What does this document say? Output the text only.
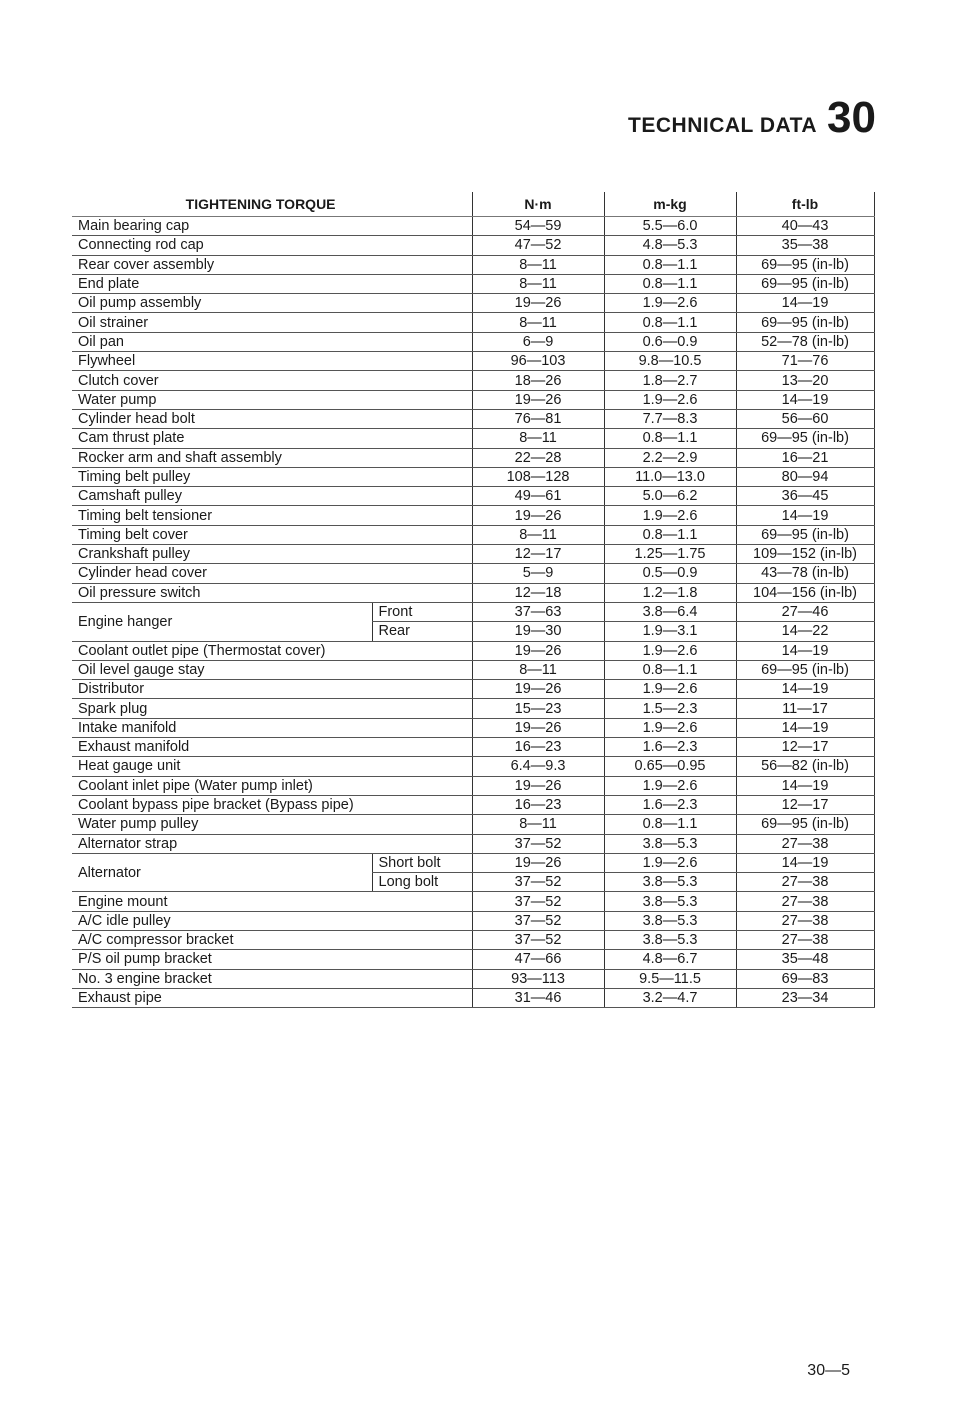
TECHNICAL DATA 30
TIGHTENING TORQUE		N·m	m-kg	ft-lb
Main bearing cap		54—59	5.5—6.0	40—43
Connecting rod cap		47—52	4.8—5.3	35—38
Rear cover assembly		8—11	0.8—1.1	69—95 (in-lb)
End plate		8—11	0.8—1.1	69—95 (in-lb)
Oil pump assembly		19—26	1.9—2.6	14—19
Oil strainer		8—11	0.8—1.1	69—95 (in-lb)
Oil pan		6—9	0.6—0.9	52—78 (in-lb)
Flywheel		96—103	9.8—10.5	71—76
Clutch cover		18—26	1.8—2.7	13—20
Water pump		19—26	1.9—2.6	14—19
Cylinder head bolt		76—81	7.7—8.3	56—60
Cam thrust plate		8—11	0.8—1.1	69—95 (in-lb)
Rocker arm and shaft assembly		22—28	2.2—2.9	16—21
Timing belt pulley		108—128	11.0—13.0	80—94
Camshaft pulley		49—61	5.0—6.2	36—45
Timing belt tensioner		19—26	1.9—2.6	14—19
Timing belt cover		8—11	0.8—1.1	69—95 (in-lb)
Crankshaft pulley		12—17	1.25—1.75	109—152 (in-lb)
Cylinder head cover		5—9	0.5—0.9	43—78 (in-lb)
Oil pressure switch		12—18	1.2—1.8	104—156 (in-lb)
Engine hanger	Front	37—63	3.8—6.4	27—46
	Rear	19—30	1.9—3.1	14—22
Coolant outlet pipe (Thermostat cover)		19—26	1.9—2.6	14—19
Oil level gauge stay		8—11	0.8—1.1	69—95 (in-lb)
Distributor		19—26	1.9—2.6	14—19
Spark plug		15—23	1.5—2.3	11—17
Intake manifold		19—26	1.9—2.6	14—19
Exhaust manifold		16—23	1.6—2.3	12—17
Heat gauge unit		6.4—9.3	0.65—0.95	56—82 (in-lb)
Coolant inlet pipe (Water pump inlet)		19—26	1.9—2.6	14—19
Coolant bypass pipe bracket (Bypass pipe)		16—23	1.6—2.3	12—17
Water pump pulley		8—11	0.8—1.1	69—95 (in-lb)
Alternator strap		37—52	3.8—5.3	27—38
Alternator	Short bolt	19—26	1.9—2.6	14—19
	Long bolt	37—52	3.8—5.3	27—38
Engine mount		37—52	3.8—5.3	27—38
A/C idle pulley		37—52	3.8—5.3	27—38
A/C compressor bracket		37—52	3.8—5.3	27—38
P/S oil pump bracket		47—66	4.8—6.7	35—48
No. 3 engine bracket		93—113	9.5—11.5	69—83
Exhaust pipe		31—46	3.2—4.7	23—34
30—5
